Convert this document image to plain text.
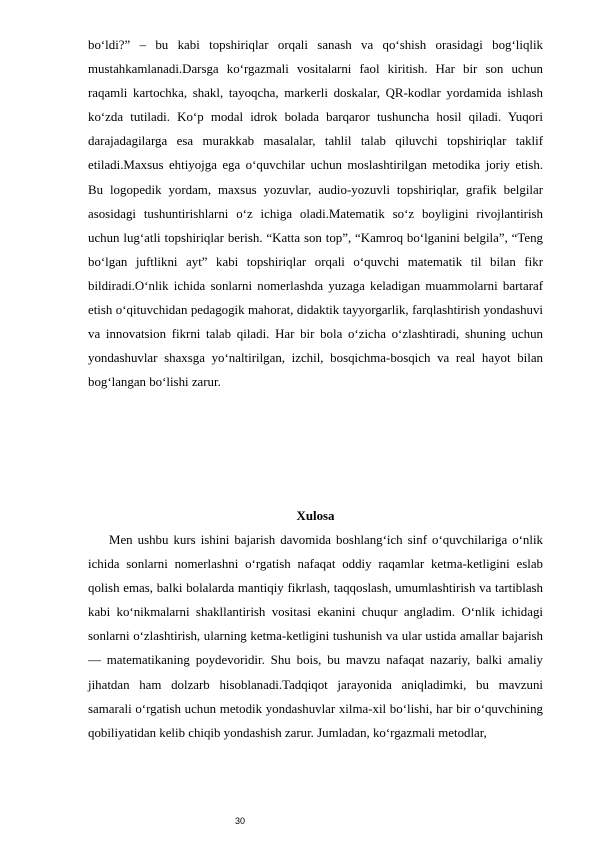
bo‘ldi?” – bu kabi topshiriqlar orqali sanash va qo‘shish orasidagi bog‘liqlik mustahkamlanadi.Darsga ko‘rgazmali vositalarni faol kiritish. Har bir son uchun raqamli kartochka, shakl, tayoqcha, markerli doskalar, QR-kodlar yordamida ishlash ko‘zda tutiladi. Ko‘p modal idrok bolada barqaror tushuncha hosil qiladi. Yuqori darajadagilarga esa murakkab masalalar, tahlil talab qiluvchi topshiriqlar taklif etiladi.Maxsus ehtiyojga ega o‘quvchilar uchun moslashtirilgan metodika joriy etish. Bu logopedik yordam, maxsus yozuvlar, audio-yozuvli topshiriqlar, grafik belgilar asosidagi tushuntirishlarni o‘z ichiga oladi.Matematik so‘z boyligini rivojlantirish uchun lug‘atli topshiriqlar berish. “Katta son top”, “Kamroq bo‘lganini belgila”, “Teng bo‘lgan juftlikni ayt” kabi topshiriqlar orqali o‘quvchi matematik til bilan fikr bildiradi.O‘nlik ichida sonlarni nomerlashda yuzaga keladigan muammolarni bartaraf etish o‘qituvchidan pedagogik mahorat, didaktik tayyorgarlik, farqlashtirish yondashuvi va innovatsion fikrni talab qiladi. Har bir bola o‘zicha o‘zlashtiradi, shuning uchun yondashuvlar shaxsga yo‘naltirilgan, izchil, bosqichma-bosqich va real hayot bilan bog‘langan bo‘lishi zarur.

Xulosa

Men ushbu kurs ishini bajarish davomida boshlang‘ich sinf o‘quvchilariga o‘nlik ichida sonlarni nomerlashni o‘rgatish nafaqat oddiy raqamlar ketma-ketligini eslab qolish emas, balki bolalarda mantiqiy fikrlash, taqqoslash, umumlashtirish va tartiblash kabi ko‘nikmalarni shakllantirish vositasi ekanini chuqur angladim. O‘nlik ichidagi sonlarni o‘zlashtirish, ularning ketma-ketligini tushunish va ular ustida amallar bajarish — matematikaning poydevoridir. Shu bois, bu mavzu nafaqat nazariy, balki amaliy jihatdan ham dolzarb hisoblanadi.Tadqiqot jarayonida aniqladimki, bu mavzuni samarali o‘rgatish uchun metodik yondashuvlar xilma-xil bo‘lishi, har bir o‘quvchining qobiliyatidan kelib chiqib yondashish zarur. Jumladan, ko‘rgazmali metodlar,

30
